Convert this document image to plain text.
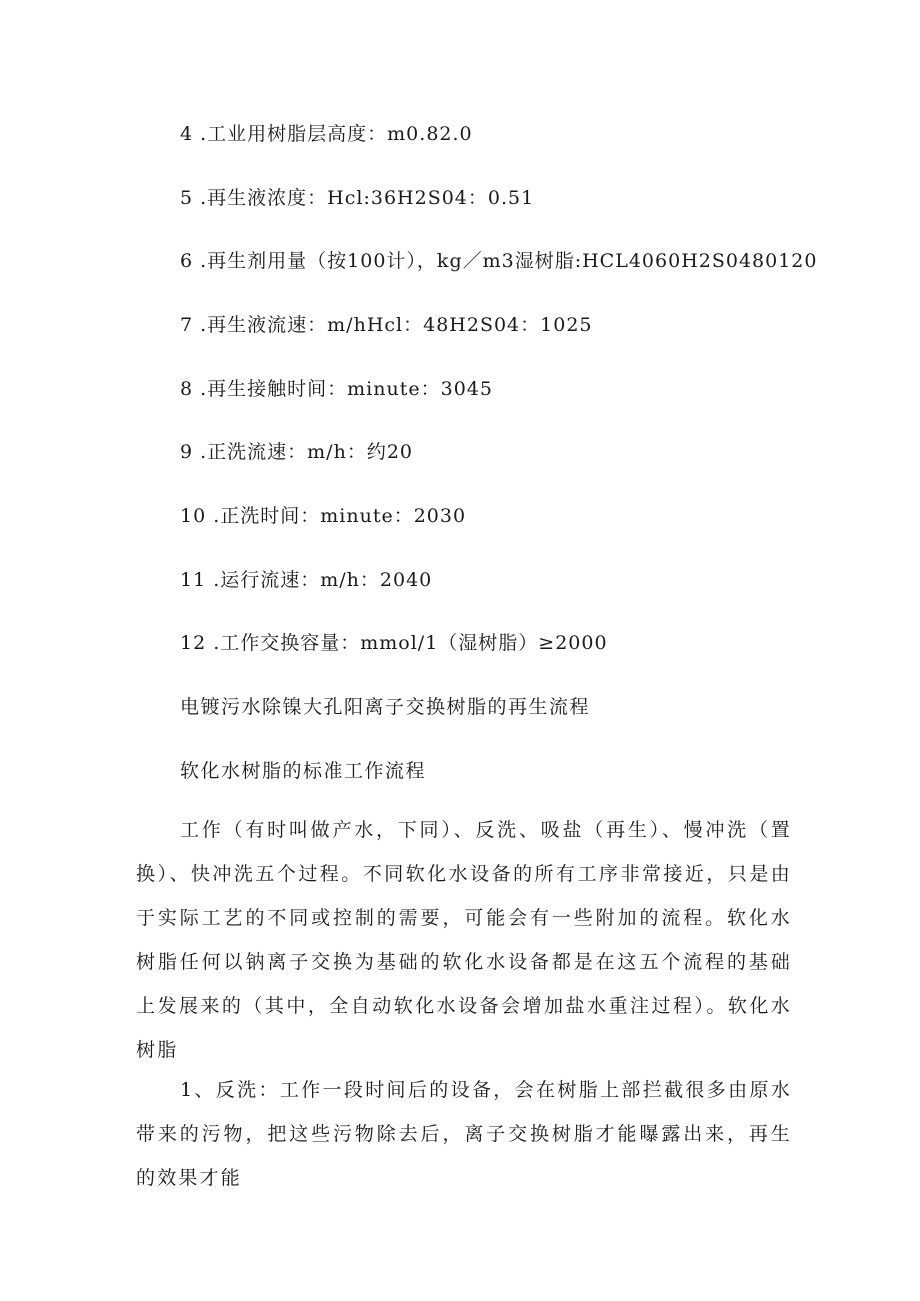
4 .工业用树脂层高度：m0.82.0
5 .再生液浓度：Hcl:36H2S04：0.51
6 .再生剂用量（按100计），kg／m3湿树脂:HCL4060H2S0480120
7 .再生液流速：m/hHcl：48H2S04：1025
8 .再生接触时间：minute：3045
9 .正洗流速：m/h：约20
10 .正洗时间：minute：2030
11 .运行流速：m/h：2040
12 .工作交换容量：mmol/1（湿树脂）≥2000
电镀污水除镍大孔阳离子交换树脂的再生流程
软化水树脂的标准工作流程

工作（有时叫做产水，下同）、反洗、吸盐（再生）、慢冲洗（置换）、快冲洗五个过程。不同软化水设备的所有工序非常接近，只是由于实际工艺的不同或控制的需要，可能会有一些附加的流程。软化水树脂任何以钠离子交换为基础的软化水设备都是在这五个流程的基础上发展来的（其中，全自动软化水设备会增加盐水重注过程）。软化水树脂

1、反洗：工作一段时间后的设备，会在树脂上部拦截很多由原水带来的污物，把这些污物除去后，离子交换树脂才能曝露出来，再生的效果才能
